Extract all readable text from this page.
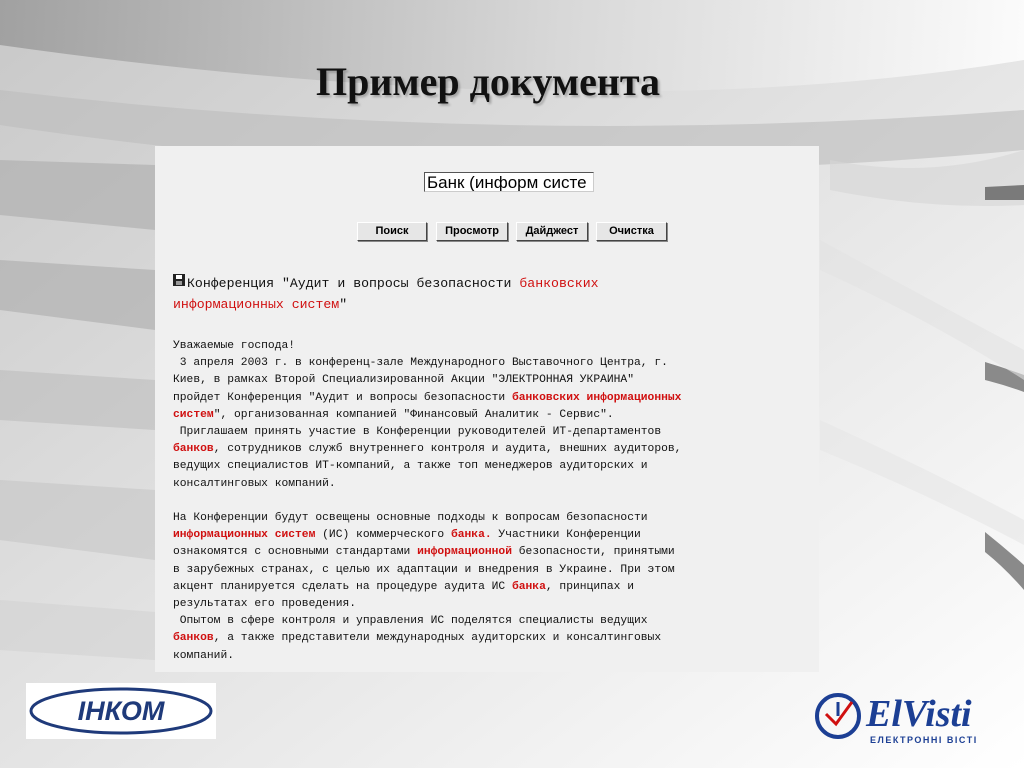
Пример документа
Банк (информ систе
Поиск	Просмотр	Дайджест	Очистка
Конференция "Аудит и вопросы безопасности банковских
информационных систем"
Уважаемые господа!
3 апреля 2003 г. в конференц-зале Международного Выставочного Центра, г.
Киев, в рамках Второй Специализированной Акции "ЭЛЕКТРОННАЯ УКРАИНА"
пройдет Конференция "Аудит и вопросы безопасности банковских информационных
систем", организованная компанией "Финансовый Аналитик - Сервис".
Приглашаем принять участие в Конференции руководителей ИТ-департаментов
банков, сотрудников служб внутреннего контроля и аудита, внешних аудиторов,
ведущих специалистов ИТ-компаний, а также топ менеджеров аудиторских и
консалтинговых компаний.

На Конференции будут освещены основные подходы к вопросам безопасности
информационных систем (ИС) коммерческого банка. Участники Конференции
ознакомятся с основными стандартами информационной безопасности, принятыми
в зарубежных странах, с целью их адаптации и внедрения в Украине. При этом
акцент планируется сделать на процедуре аудита ИС банка, принципах и
результатах его проведения.
Опытом в сфере контроля и управления ИС поделятся специалисты ведущих
банков, а также представители международных аудиторских и консалтинговых
компаний.
ІНКОМ	ElVisti
ЕЛЕКТРОННІ ВІСТІ
